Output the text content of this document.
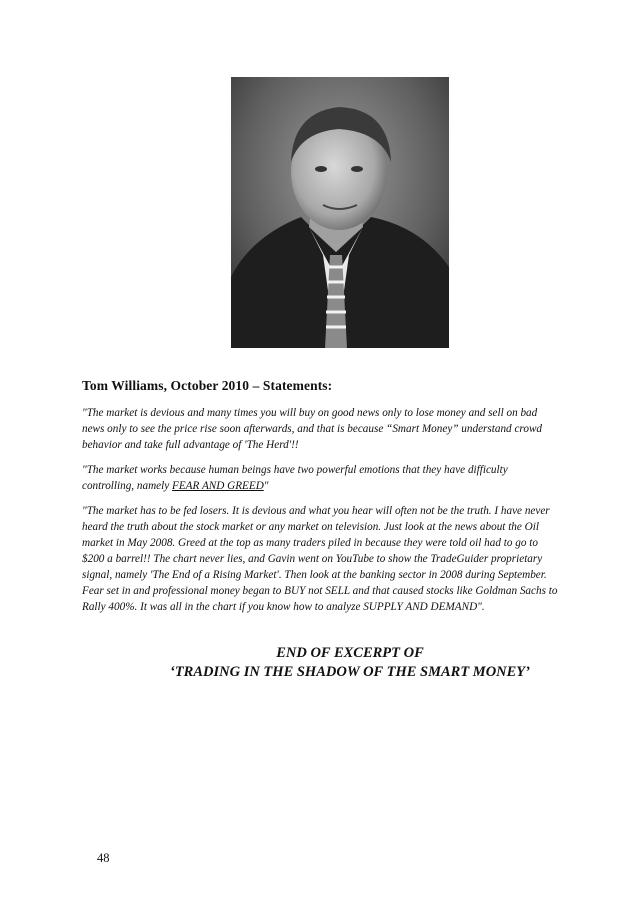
Tom Williams, October 2010 – Statements:

"The market is devious and many times you will buy on good news only to lose money and sell on bad news only to see the price rise soon afterwards, and that is because “Smart Money” understand crowd behavior and take full advantage of 'The Herd'!!

"The market works because human beings have two powerful emotions that they have difficulty controlling, namely FEAR AND GREED"

"The market has to be fed losers. It is devious and what you hear will often not be the truth. I have never heard the truth about the stock market or any market on television. Just look at the news about the Oil market in May 2008. Greed at the top as many traders piled in because they were told oil had to go to $200 a barrel!! The chart never lies, and Gavin went on YouTube to show the TradeGuider proprietary signal, namely 'The End of a Rising Market'. Then look at the banking sector in 2008 during September. Fear set in and professional money began to BUY not SELL and that caused stocks like Goldman Sachs to Rally 400%. It was all in the chart if you know how to analyze SUPPLY AND DEMAND".

END OF EXCERPT OF

‘TRADING IN THE SHADOW OF THE SMART MONEY’

48
